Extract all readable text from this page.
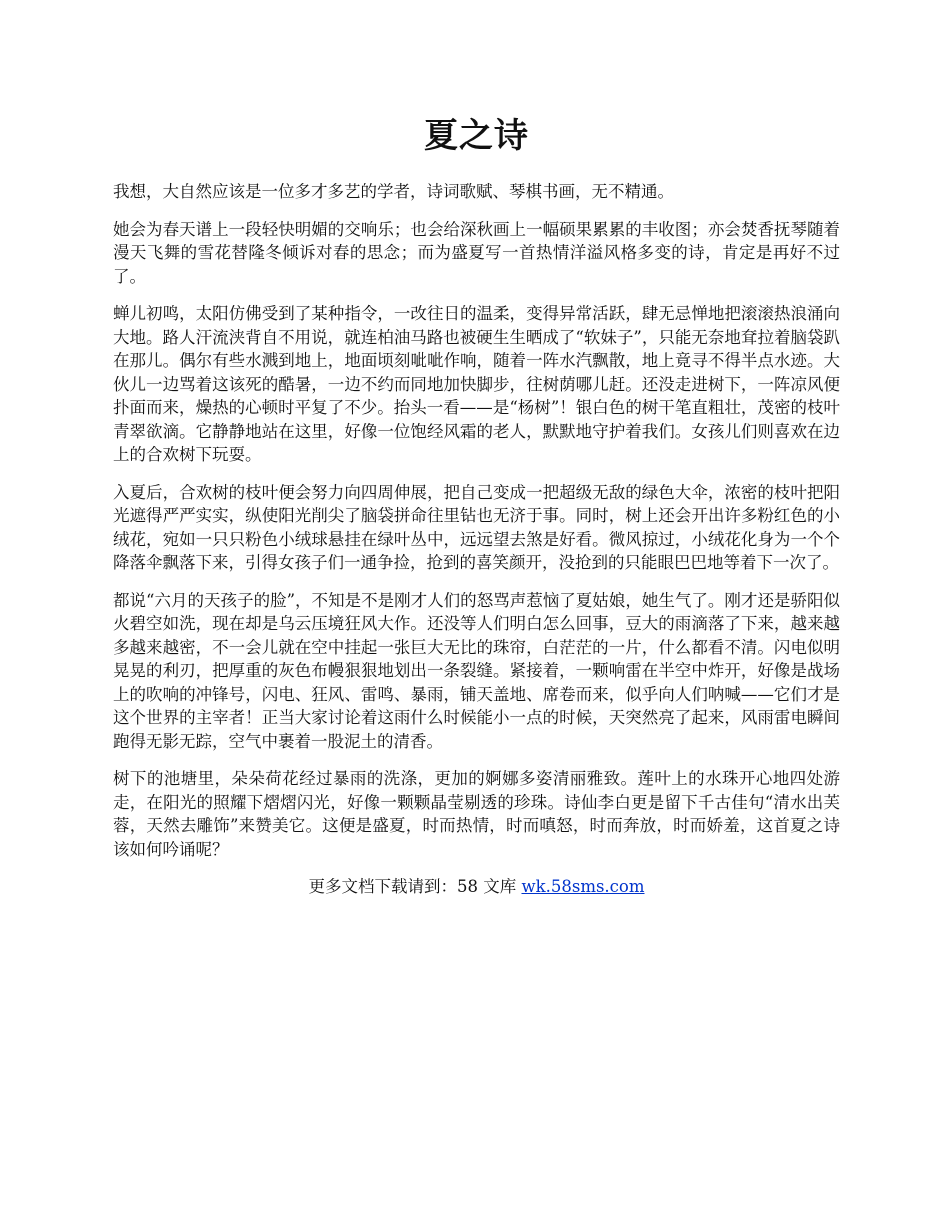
夏之诗

我想，大自然应该是一位多才多艺的学者，诗词歌赋、琴棋书画，无不精通。

她会为春天谱上一段轻快明媚的交响乐；也会给深秋画上一幅硕果累累的丰收图；亦会焚香抚琴随着漫天飞舞的雪花替隆冬倾诉对春的思念；而为盛夏写一首热情洋溢风格多变的诗，肯定是再好不过了。

蝉儿初鸣，太阳仿佛受到了某种指令，一改往日的温柔，变得异常活跃，肆无忌惮地把滚滚热浪涌向大地。路人汗流浃背自不用说，就连柏油马路也被硬生生晒成了“软妹子”，只能无奈地耷拉着脑袋趴在那儿。偶尔有些水溅到地上，地面顷刻呲呲作响，随着一阵水汽飘散，地上竟寻不得半点水迹。大伙儿一边骂着这该死的酷暑，一边不约而同地加快脚步，往树荫哪儿赶。还没走进树下，一阵凉风便扑面而来，燥热的心顿时平复了不少。抬头一看——是“杨树”！银白色的树干笔直粗壮，茂密的枝叶青翠欲滴。它静静地站在这里，好像一位饱经风霜的老人，默默地守护着我们。女孩儿们则喜欢在边上的合欢树下玩耍。

入夏后，合欢树的枝叶便会努力向四周伸展，把自己变成一把超级无敌的绿色大伞，浓密的枝叶把阳光遮得严严实实，纵使阳光削尖了脑袋拼命往里钻也无济于事。同时，树上还会开出许多粉红色的小绒花，宛如一只只粉色小绒球悬挂在绿叶丛中，远远望去煞是好看。微风掠过，小绒花化身为一个个降落伞飘落下来，引得女孩子们一通争捡，抢到的喜笑颜开，没抢到的只能眼巴巴地等着下一次了。

都说“六月的天孩子的脸”，不知是不是刚才人们的怒骂声惹恼了夏姑娘，她生气了。刚才还是骄阳似火碧空如洗，现在却是乌云压境狂风大作。还没等人们明白怎么回事，豆大的雨滴落了下来，越来越多越来越密，不一会儿就在空中挂起一张巨大无比的珠帘，白茫茫的一片，什么都看不清。闪电似明晃晃的利刃，把厚重的灰色布幔狠狠地划出一条裂缝。紧接着，一颗响雷在半空中炸开，好像是战场上的吹响的冲锋号，闪电、狂风、雷鸣、暴雨，铺天盖地、席卷而来，似乎向人们呐喊——它们才是这个世界的主宰者！正当大家讨论着这雨什么时候能小一点的时候，天突然亮了起来，风雨雷电瞬间跑得无影无踪，空气中裹着一股泥土的清香。

树下的池塘里，朵朵荷花经过暴雨的洗涤，更加的婀娜多姿清丽雅致。莲叶上的水珠开心地四处游走，在阳光的照耀下熠熠闪光，好像一颗颗晶莹剔透的珍珠。诗仙李白更是留下千古佳句“清水出芙蓉，天然去雕饰”来赞美它。这便是盛夏，时而热情，时而嗔怒，时而奔放，时而娇羞，这首夏之诗该如何吟诵呢？

更多文档下载请到：58 文库 wk.58sms.com
